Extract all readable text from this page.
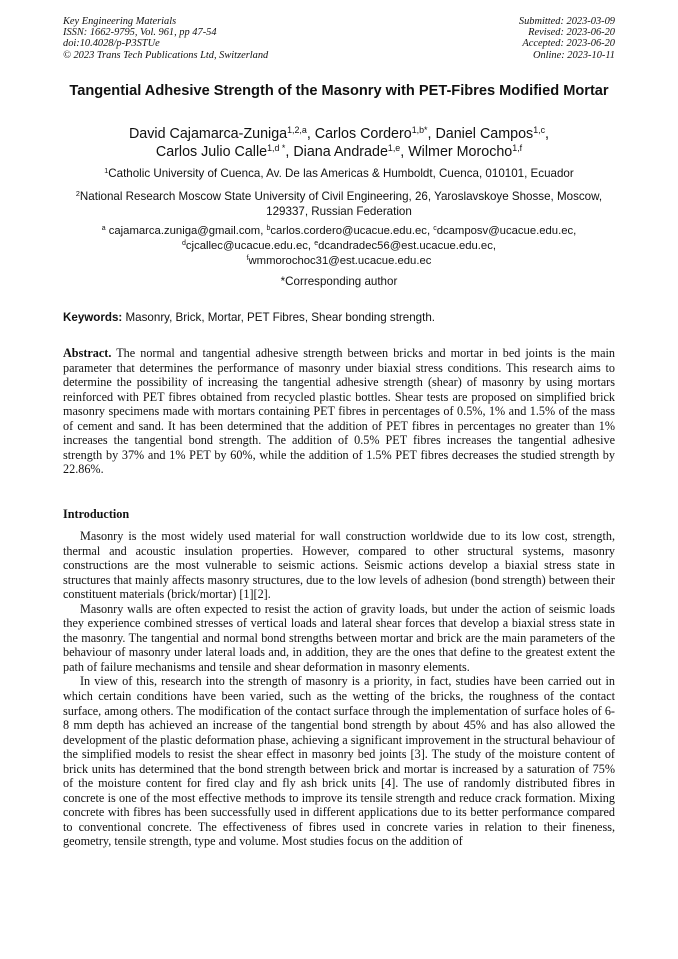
Key Engineering Materials
ISSN: 1662-9795, Vol. 961, pp 47-54
doi:10.4028/p-P3STUe
© 2023 Trans Tech Publications Ltd, Switzerland
Submitted: 2023-03-09
Revised: 2023-06-20
Accepted: 2023-06-20
Online: 2023-10-11
Tangential Adhesive Strength of the Masonry with PET-Fibres Modified Mortar
David Cajamarca-Zuniga$^{1,2,a}$, Carlos Cordero$^{1,b*}$, Daniel Campos$^{1,c}$,
Carlos Julio Calle$^{1,d *}$, Diana Andrade$^{1,e}$, Wilmer Morocho$^{1,f}$
$^1$Catholic University of Cuenca, Av. De las Americas & Humboldt, Cuenca, 010101, Ecuador
$^2$National Research Moscow State University of Civil Engineering, 26, Yaroslavskoye Shosse, Moscow, 129337, Russian Federation
$^a$ cajamarca.zuniga@gmail.com, $^b$carlos.cordero@ucacue.edu.ec, $^c$dcamposv@ucacue.edu.ec,
$^d$cjcallec@ucacue.edu.ec, $^e$dcandradec56@est.ucacue.edu.ec,
$^f$wmmorochoc31@est.ucacue.edu.ec
*Corresponding author
Keywords: Masonry, Brick, Mortar, PET Fibres, Shear bonding strength.
Abstract. The normal and tangential adhesive strength between bricks and mortar in bed joints is the main parameter that determines the performance of masonry under biaxial stress conditions. This research aims to determine the possibility of increasing the tangential adhesive strength (shear) of masonry by using mortars reinforced with PET fibres obtained from recycled plastic bottles. Shear tests are proposed on simplified brick masonry specimens made with mortars containing PET fibres in percentages of 0.5%, 1% and 1.5% of the mass of cement and sand. It has been determined that the addition of PET fibres in percentages no greater than 1% increases the tangential bond strength. The addition of 0.5% PET fibres increases the tangential adhesive strength by 37% and 1% PET by 60%, while the addition of 1.5% PET fibres decreases the studied strength by 22.86%.
Introduction

Masonry is the most widely used material for wall construction worldwide due to its low cost, strength, thermal and acoustic insulation properties. However, compared to other structural systems, masonry constructions are the most vulnerable to seismic actions. Seismic actions develop a biaxial stress state in structures that mainly affects masonry structures, due to the low levels of adhesion (bond strength) between their constituent materials (brick/mortar) [1][2].

Masonry walls are often expected to resist the action of gravity loads, but under the action of seismic loads they experience combined stresses of vertical loads and lateral shear forces that develop a biaxial stress state in the masonry. The tangential and normal bond strengths between mortar and brick are the main parameters of the behaviour of masonry under lateral loads and, in addition, they are the ones that define to the greatest extent the path of failure mechanisms and tensile and shear deformation in masonry elements.

In view of this, research into the strength of masonry is a priority, in fact, studies have been carried out in which certain conditions have been varied, such as the wetting of the bricks, the roughness of the contact surface, among others. The modification of the contact surface through the implementation of surface holes of 6-8 mm depth has achieved an increase of the tangential bond strength by about 45% and has also allowed the development of the plastic deformation phase, achieving a significant improvement in the structural behaviour of the simplified models to resist the shear effect in masonry bed joints [3]. The study of the moisture content of brick units has determined that the bond strength between brick and mortar is increased by a saturation of 75% of the moisture content for fired clay and fly ash brick units [4]. The use of randomly distributed fibres in concrete is one of the most effective methods to improve its tensile strength and reduce crack formation. Mixing concrete with fibres has been successfully used in different applications due to its better performance compared to conventional concrete. The effectiveness of fibres used in concrete varies in relation to their fineness, geometry, tensile strength, type and volume. Most studies focus on the addition of
